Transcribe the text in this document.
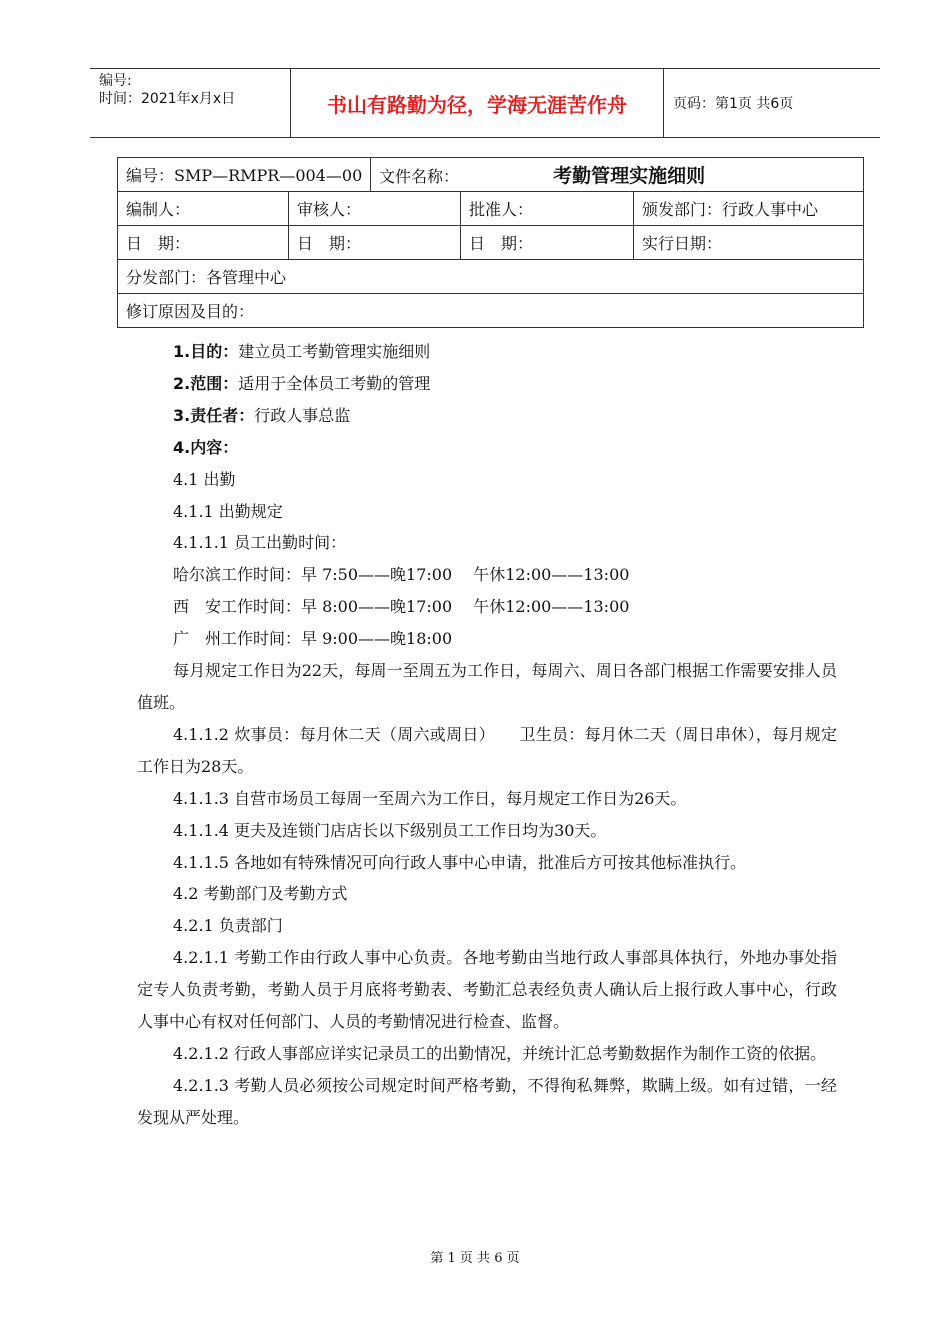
编号:
时间：2021年x月x日	书山有路勤为径，学海无涯苦作舟	页码：第1页 共6页
编号：SMP—RMPR—004—00		文件名称： 考勤管理实施细则		
编制人：	审核人：		批准人：	颁发部门：行政人事中心
日　期：	日　期：		日　期：	实行日期：
分发部门：各管理中心				
修订原因及目的：				

1.目的：建立员工考勤管理实施细则

2.范围：适用于全体员工考勤的管理

3.责任者：行政人事总监

4.内容：

4.1 出勤

4.1.1 出勤规定

4.1.1.1 员工出勤时间：

哈尔滨工作时间：早 7:50——晚17:00　 午休12:00——13:00

西　安工作时间：早 8:00——晚17:00　 午休12:00——13:00

广　州工作时间：早 9:00——晚18:00

每月规定工作日为22天，每周一至周五为工作日，每周六、周日各部门根据工作需要安排人员值班。

4.1.1.2 炊事员：每月休二天（周六或周日）　　卫生员：每月休二天（周日串休），每月规定工作日为28天。

4.1.1.3 自营市场员工每周一至周六为工作日，每月规定工作日为26天。

4.1.1.4 更夫及连锁门店店长以下级别员工工作日均为30天。

4.1.1.5 各地如有特殊情况可向行政人事中心申请，批准后方可按其他标准执行。

4.2 考勤部门及考勤方式

4.2.1 负责部门

4.2.1.1 考勤工作由行政人事中心负责。各地考勤由当地行政人事部具体执行，外地办事处指定专人负责考勤，考勤人员于月底将考勤表、考勤汇总表经负责人确认后上报行政人事中心，行政人事中心有权对任何部门、人员的考勤情况进行检查、监督。

4.2.1.2 行政人事部应详实记录员工的出勤情况，并统计汇总考勤数据作为制作工资的依据。

4.2.1.3 考勤人员必须按公司规定时间严格考勤，不得徇私舞弊，欺瞒上级。如有过错，一经发现从严处理。

第 1 页 共 6 页
